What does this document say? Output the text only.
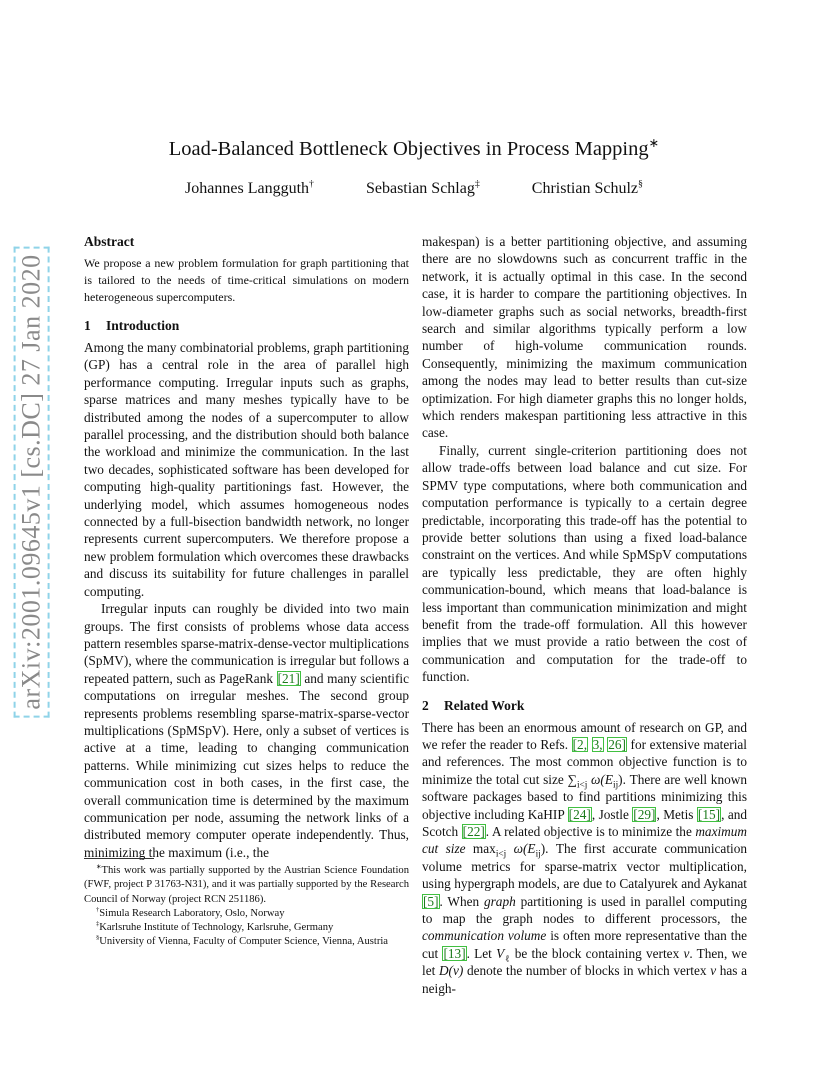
arXiv:2001.09645v1 [cs.DC] 27 Jan 2020
Load-Balanced Bottleneck Objectives in Process Mapping∗
Johannes Langguth†	Sebastian Schlag‡	Christian Schulz§
Abstract

We propose a new problem formulation for graph partitioning that is tailored to the needs of time-critical simulations on modern heterogeneous supercomputers.

1 Introduction

Among the many combinatorial problems, graph partitioning (GP) has a central role in the area of parallel high performance computing. Irregular inputs such as graphs, sparse matrices and many meshes typically have to be distributed among the nodes of a supercomputer to allow parallel processing, and the distribution should both balance the workload and minimize the communication. In the last two decades, sophisticated software has been developed for computing high-quality partitionings fast. However, the underlying model, which assumes homogeneous nodes connected by a full-bisection bandwidth network, no longer represents current supercomputers. We therefore propose a new problem formulation which overcomes these drawbacks and discuss its suitability for future challenges in parallel computing.

Irregular inputs can roughly be divided into two main groups. The first consists of problems whose data access pattern resembles sparse-matrix-dense-vector multiplications (SpMV), where the communication is irregular but follows a repeated pattern, such as PageRank [21] and many scientific computations on irregular meshes. The second group represents problems resembling sparse-matrix-sparse-vector multiplications (SpMSpV). Here, only a subset of vertices is active at a time, leading to changing communication patterns. While minimizing cut sizes helps to reduce the communication cost in both cases, in the first case, the overall communication time is determined by the maximum communication per node, assuming the network links of a distributed memory computer operate independently. Thus, minimizing the maximum (i.e., the

∗This work was partially supported by the Austrian Science Foundation (FWF, project P 31763-N31), and it was partially supported by the Research Council of Norway (project RCN 251186).
†Simula Research Laboratory, Oslo, Norway
‡Karlsruhe Institute of Technology, Karlsruhe, Germany
§University of Vienna, Faculty of Computer Science, Vienna, Austria

makespan) is a better partitioning objective, and assuming there are no slowdowns such as concurrent traffic in the network, it is actually optimal in this case. In the second case, it is harder to compare the partitioning objectives. In low-diameter graphs such as social networks, breadth-first search and similar algorithms typically perform a low number of high-volume communication rounds. Consequently, minimizing the maximum communication among the nodes may lead to better results than cut-size optimization. For high diameter graphs this no longer holds, which renders makespan partitioning less attractive in this case.

Finally, current single-criterion partitioning does not allow trade-offs between load balance and cut size. For SPMV type computations, where both communication and computation performance is typically to a certain degree predictable, incorporating this trade-off has the potential to provide better solutions than using a fixed load-balance constraint on the vertices. And while SpMSpV computations are typically less predictable, they are often highly communication-bound, which means that load-balance is less important than communication minimization and might benefit from the trade-off formulation. All this however implies that we must provide a ratio between the cost of communication and computation for the trade-off to function.

2 Related Work

There has been an enormous amount of research on GP, and we refer the reader to Refs. [2, 3, 26] for extensive material and references. The most common objective function is to minimize the total cut size $\sum_{i<j}$ $\omega(E_{ij})$. There are well known software packages based to find partitions minimizing this objective including KaHIP [24], Jostle [29], Metis [15], and Scotch [22]. A related objective is to minimize the maximum cut size $\max_{i<j} \omega(E_{ij})$. The first accurate communication volume metrics for sparse-matrix vector multiplication, using hypergraph models, are due to Catalyurek and Aykanat [5]. When graph partitioning is used in parallel computing to map the graph nodes to different processors, the communication volume is often more representative than the cut [13]. Let $V_\ell$ be the block containing vertex v. Then, we let D(v) denote the number of blocks in which vertex v has a neigh-
